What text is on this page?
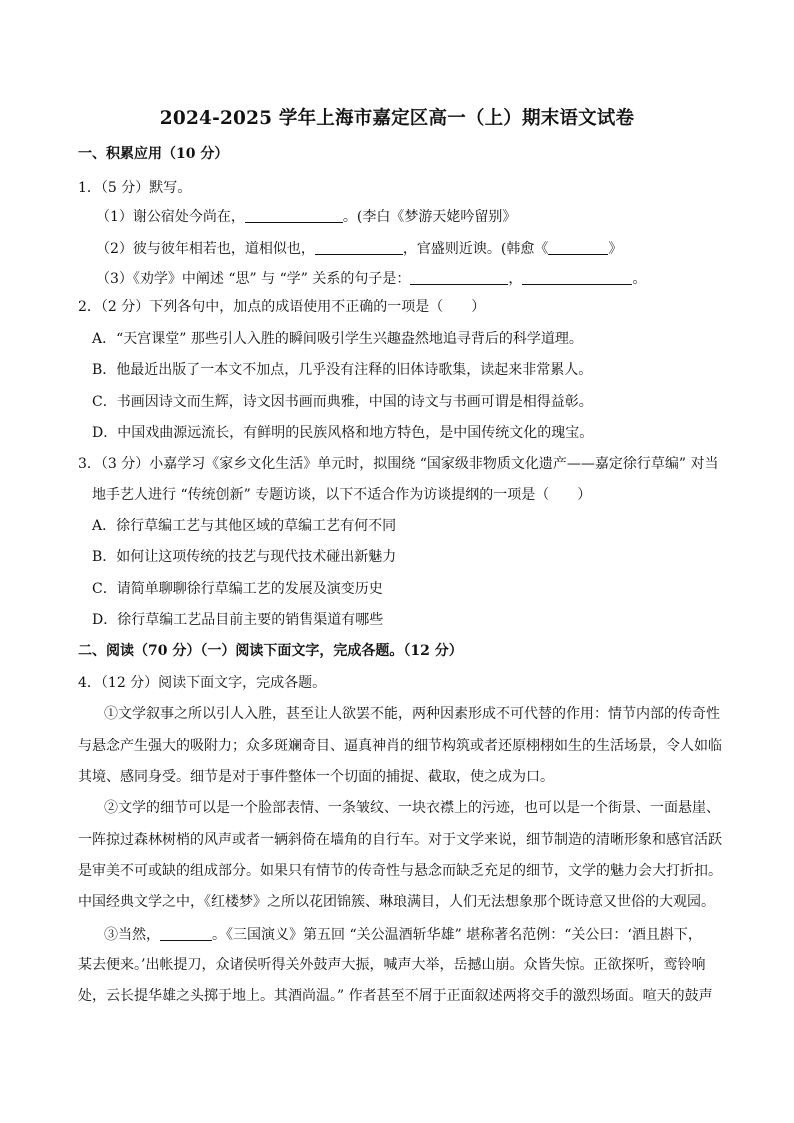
2024-2025 学年上海市嘉定区高一（上）期末语文试卷
一、积累应用（10 分）
1．（5 分）默写。
（1）谢公宿处今尚在，	。(李白《梦游天姥吟留别》
（2）彼与彼年相若也，道相似也，	，官盛则近谀。(韩愈《	》
（3）《劝学》中阐述 “思” 与 “学” 关系的句子是：	，	。
2．（2 分）下列各句中，加点的成语使用不正确的一项是（　　）
A．“天宫课堂” 那些引人入胜的瞬间吸引学生兴趣盎然地追寻背后的科学道理。
B．他最近出版了一本文不加点，几乎没有注释的旧体诗歌集，读起来非常累人。
C．书画因诗文而生辉，诗文因书画而典雅，中国的诗文与书画可谓是相得益彰。
D．中国戏曲源远流长，有鲜明的民族风格和地方特色，是中国传统文化的瑰宝。
3．（3 分）小嘉学习《家乡文化生活》单元时，拟围绕 “国家级非物质文化遗产——嘉定徐行草编” 对当
地手艺人进行 “传统创新” 专题访谈，以下不适合作为访谈提纲的一项是（　　）
A．徐行草编工艺与其他区域的草编工艺有何不同
B．如何让这项传统的技艺与现代技术碰出新魅力
C．请简单聊聊徐行草编工艺的发展及演变历史
D．徐行草编工艺品目前主要的销售渠道有哪些
二、阅读（70 分）（一）阅读下面文字，完成各题。（12 分）
4．（12 分）阅读下面文字，完成各题。
①文学叙事之所以引人入胜，甚至让人欲罢不能，两种因素形成不可代替的作用：情节内部的传奇性
与悬念产生强大的吸附力；众多斑斓奇目、逼真神肖的细节构筑或者还原栩栩如生的生活场景，令人如临
其境、感同身受。细节是对于事件整体一个切面的捕捉、截取，使之成为口。
②文学的细节可以是一个脸部表情、一条皱纹、一块衣襟上的污迹，也可以是一个街景、一面悬崖、
一阵掠过森林树梢的风声或者一辆斜倚在墙角的自行车。对于文学来说，细节制造的清晰形象和感官活跃
是审美不可或缺的组成部分。如果只有情节的传奇性与悬念而缺乏充足的细节，文学的魅力会大打折扣。
中国经典文学之中，《红楼梦》之所以花团锦簇、琳琅满目，人们无法想象那个既诗意又世俗的大观园。
③当然，	。《三国演义》第五回 “关公温酒斩华雄” 堪称著名范例：“关公曰：‘酒且斟下，
某去便来。’出帐提刀，众诸侯听得关外鼓声大振，喊声大举，岳撼山崩。众皆失惊。正欲探听，鸾铃响
处，云长提华雄之头掷于地上。其酒尚温。” 作者甚至不屑于正面叙述两将交手的激烈场面。喧天的鼓声
